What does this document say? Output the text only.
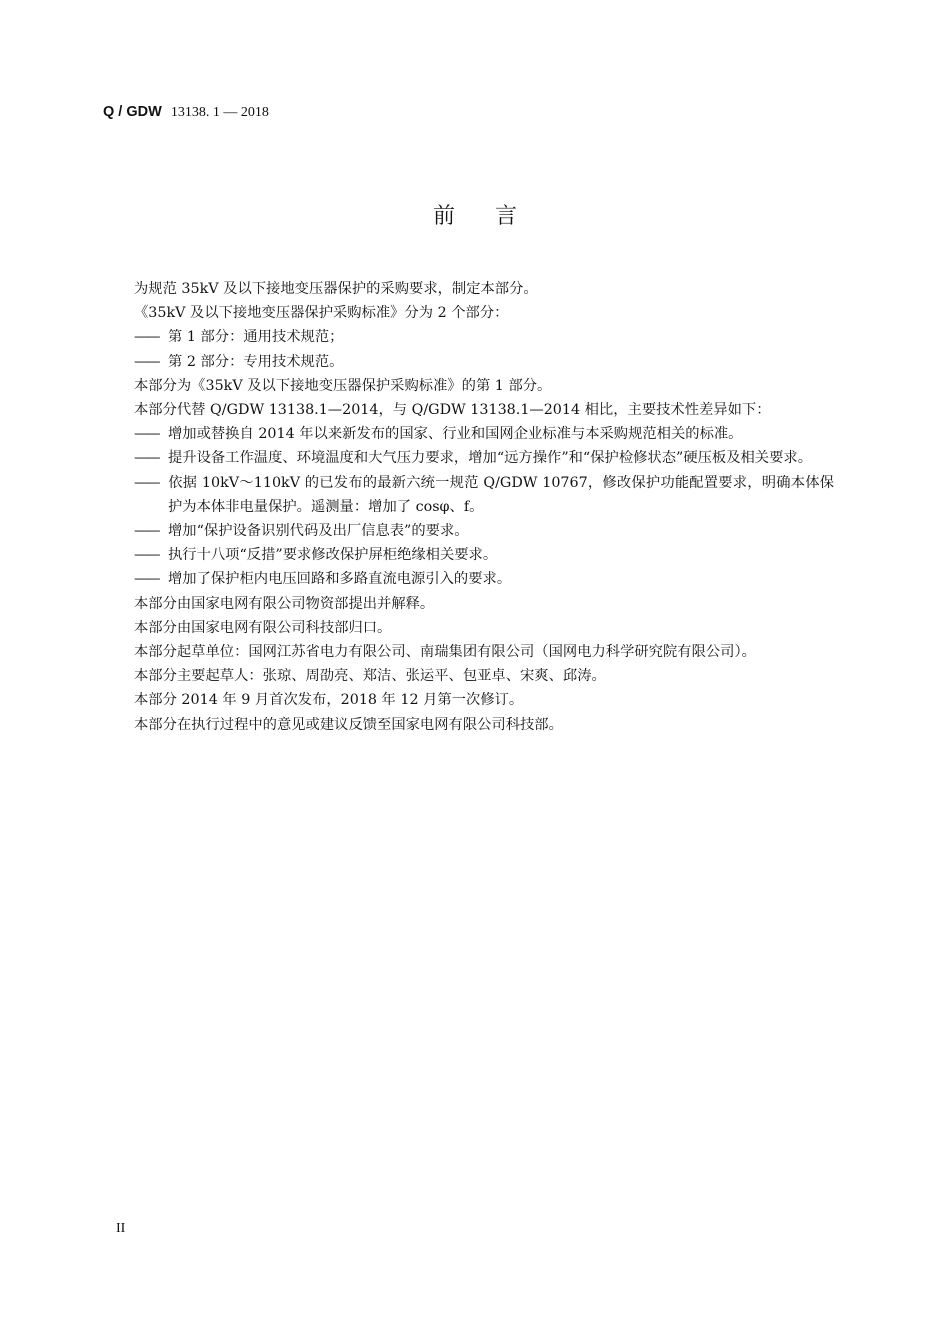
Q / GDW 13138. 1 — 2018
前言

为规范 35kV 及以下接地变压器保护的采购要求，制定本部分。

《35kV 及以下接地变压器保护采购标准》分为 2 个部分：

—— 第 1 部分：通用技术规范；

—— 第 2 部分：专用技术规范。

本部分为《35kV 及以下接地变压器保护采购标准》的第 1 部分。

本部分代替 Q/GDW 13138.1—2014，与 Q/GDW 13138.1—2014 相比，主要技术性差异如下：

—— 增加或替换自 2014 年以来新发布的国家、行业和国网企业标准与本采购规范相关的标准。

—— 提升设备工作温度、环境温度和大气压力要求，增加“远方操作”和“保护检修状态”硬压板及相关要求。

—— 依据 10kV～110kV 的已发布的最新六统一规范 Q/GDW 10767，修改保护功能配置要求，明确本体保护为本体非电量保护。遥测量：增加了 cosφ、f。

—— 增加“保护设备识别代码及出厂信息表”的要求。

—— 执行十八项“反措”要求修改保护屏柜绝缘相关要求。

—— 增加了保护柜内电压回路和多路直流电源引入的要求。

本部分由国家电网有限公司物资部提出并解释。

本部分由国家电网有限公司科技部归口。

本部分起草单位：国网江苏省电力有限公司、南瑞集团有限公司（国网电力科学研究院有限公司）。

本部分主要起草人：张琼、周劭亮、郑洁、张运平、包亚卓、宋爽、邱涛。

本部分 2014 年 9 月首次发布，2018 年 12 月第一次修订。

本部分在执行过程中的意见或建议反馈至国家电网有限公司科技部。

II
